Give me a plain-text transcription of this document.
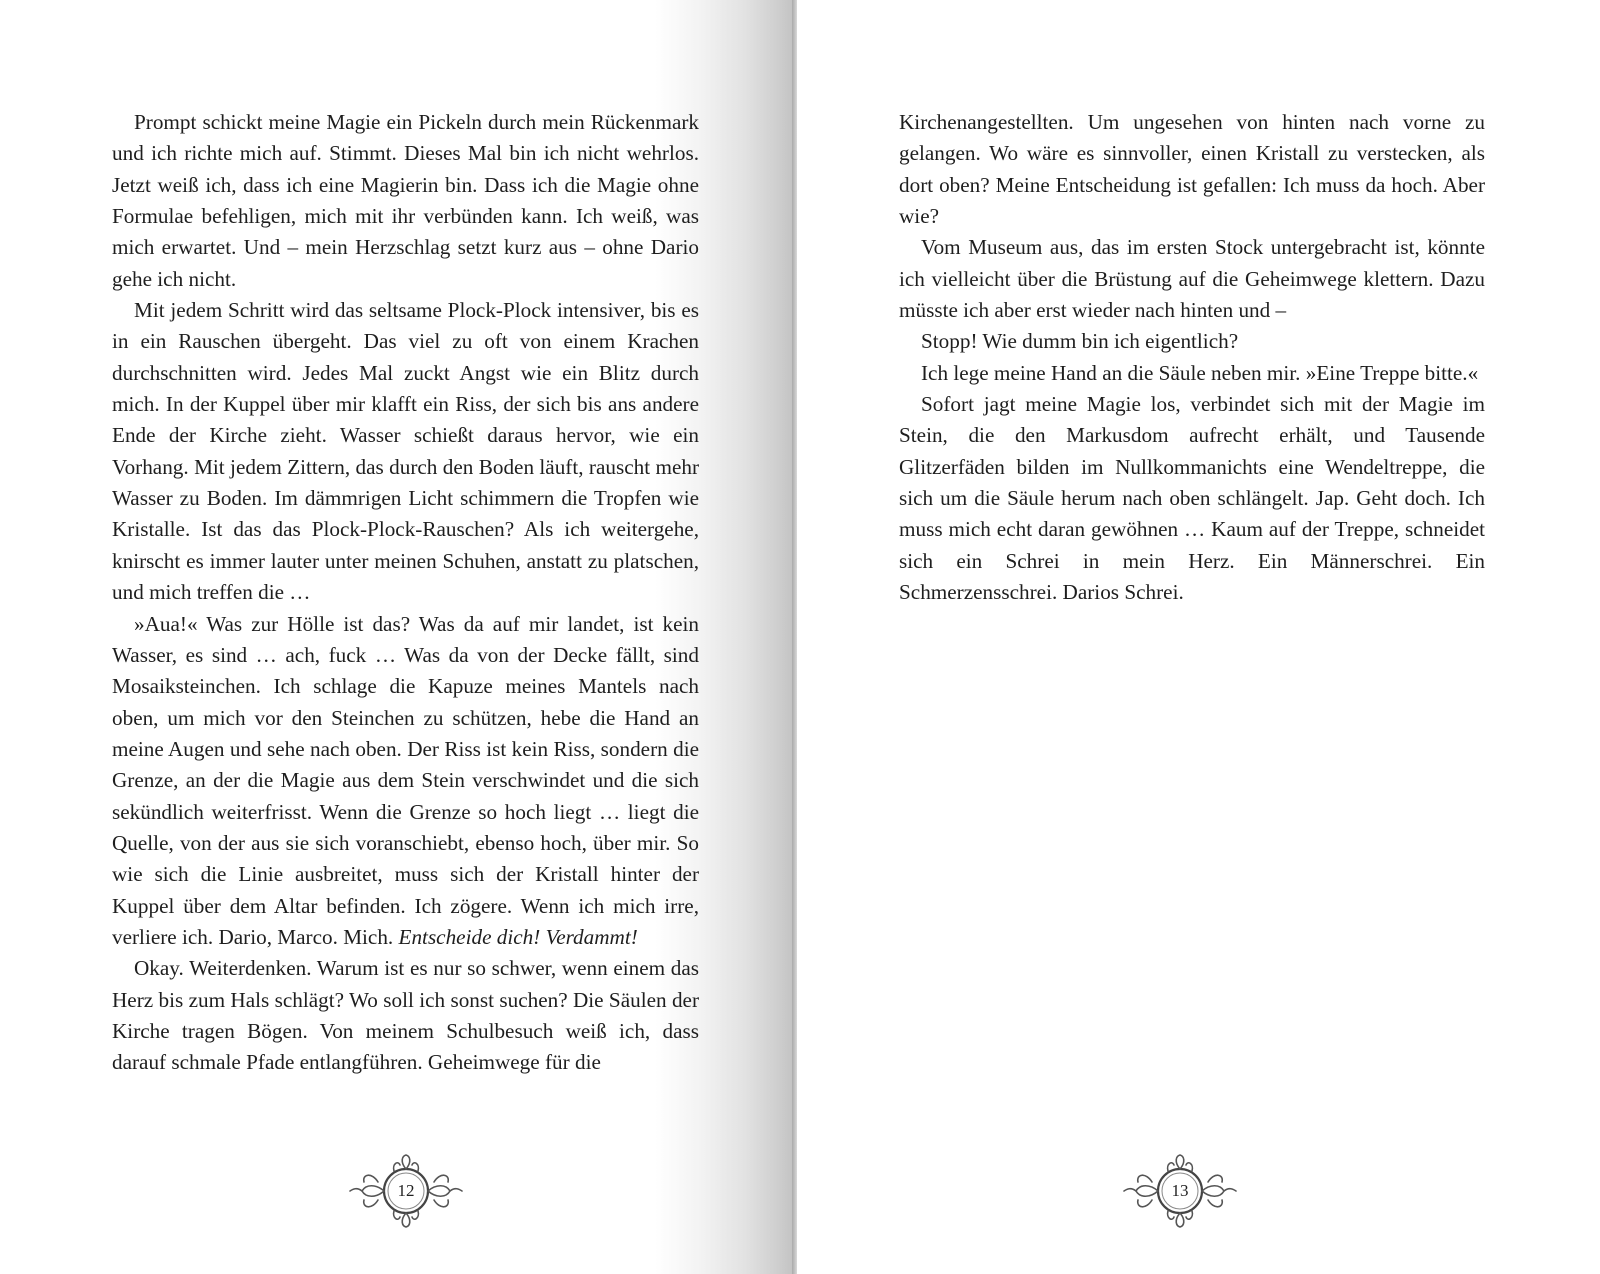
Prompt schickt meine Magie ein Pickeln durch mein Rückenmark und ich richte mich auf. Stimmt. Dieses Mal bin ich nicht wehrlos. Jetzt weiß ich, dass ich eine Magierin bin. Dass ich die Magie ohne Formulae befehligen, mich mit ihr verbünden kann. Ich weiß, was mich erwartet. Und – mein Herzschlag setzt kurz aus – ohne Dario gehe ich nicht.

Mit jedem Schritt wird das seltsame Plock-Plock intensiver, bis es in ein Rauschen übergeht. Das viel zu oft von einem Krachen durchschnitten wird. Jedes Mal zuckt Angst wie ein Blitz durch mich. In der Kuppel über mir klafft ein Riss, der sich bis ans andere Ende der Kirche zieht. Wasser schießt daraus hervor, wie ein Vorhang. Mit jedem Zittern, das durch den Boden läuft, rauscht mehr Wasser zu Boden. Im dämmrigen Licht schimmern die Tropfen wie Kristalle. Ist das das Plock-Plock-Rauschen? Als ich weitergehe, knirscht es immer lauter unter meinen Schuhen, anstatt zu platschen, und mich treffen die …

»Aua!« Was zur Hölle ist das? Was da auf mir landet, ist kein Wasser, es sind … ach, fuck … Was da von der Decke fällt, sind Mosaiksteinchen. Ich schlage die Kapuze meines Mantels nach oben, um mich vor den Steinchen zu schützen, hebe die Hand an meine Augen und sehe nach oben. Der Riss ist kein Riss, sondern die Grenze, an der die Magie aus dem Stein verschwindet und die sich sekündlich weiterfrisst. Wenn die Grenze so hoch liegt … liegt die Quelle, von der aus sie sich voranschiebt, ebenso hoch, über mir. So wie sich die Linie ausbreitet, muss sich der Kristall hinter der Kuppel über dem Altar befinden. Ich zögere. Wenn ich mich irre, verliere ich. Dario, Marco. Mich. Entscheide dich! Verdammt!

Okay. Weiterdenken. Warum ist es nur so schwer, wenn einem das Herz bis zum Hals schlägt? Wo soll ich sonst suchen? Die Säulen der Kirche tragen Bögen. Von meinem Schulbesuch weiß ich, dass darauf schmale Pfade entlangführen. Geheimwege für die

12

Kirchenangestellten. Um ungesehen von hinten nach vorne zu gelangen. Wo wäre es sinnvoller, einen Kristall zu verstecken, als dort oben? Meine Entscheidung ist gefallen: Ich muss da hoch. Aber wie?

Vom Museum aus, das im ersten Stock untergebracht ist, könnte ich vielleicht über die Brüstung auf die Geheimwege klettern. Dazu müsste ich aber erst wieder nach hinten und –

Stopp! Wie dumm bin ich eigentlich?

Ich lege meine Hand an die Säule neben mir. »Eine Treppe bitte.«

Sofort jagt meine Magie los, verbindet sich mit der Magie im Stein, die den Markusdom aufrecht erhält, und Tausende Glitzerfäden bilden im Nullkommanichts eine Wendeltreppe, die sich um die Säule herum nach oben schlängelt. Jap. Geht doch. Ich muss mich echt daran gewöhnen … Kaum auf der Treppe, schneidet sich ein Schrei in mein Herz. Ein Männerschrei. Ein Schmerzensschrei. Darios Schrei.

13
